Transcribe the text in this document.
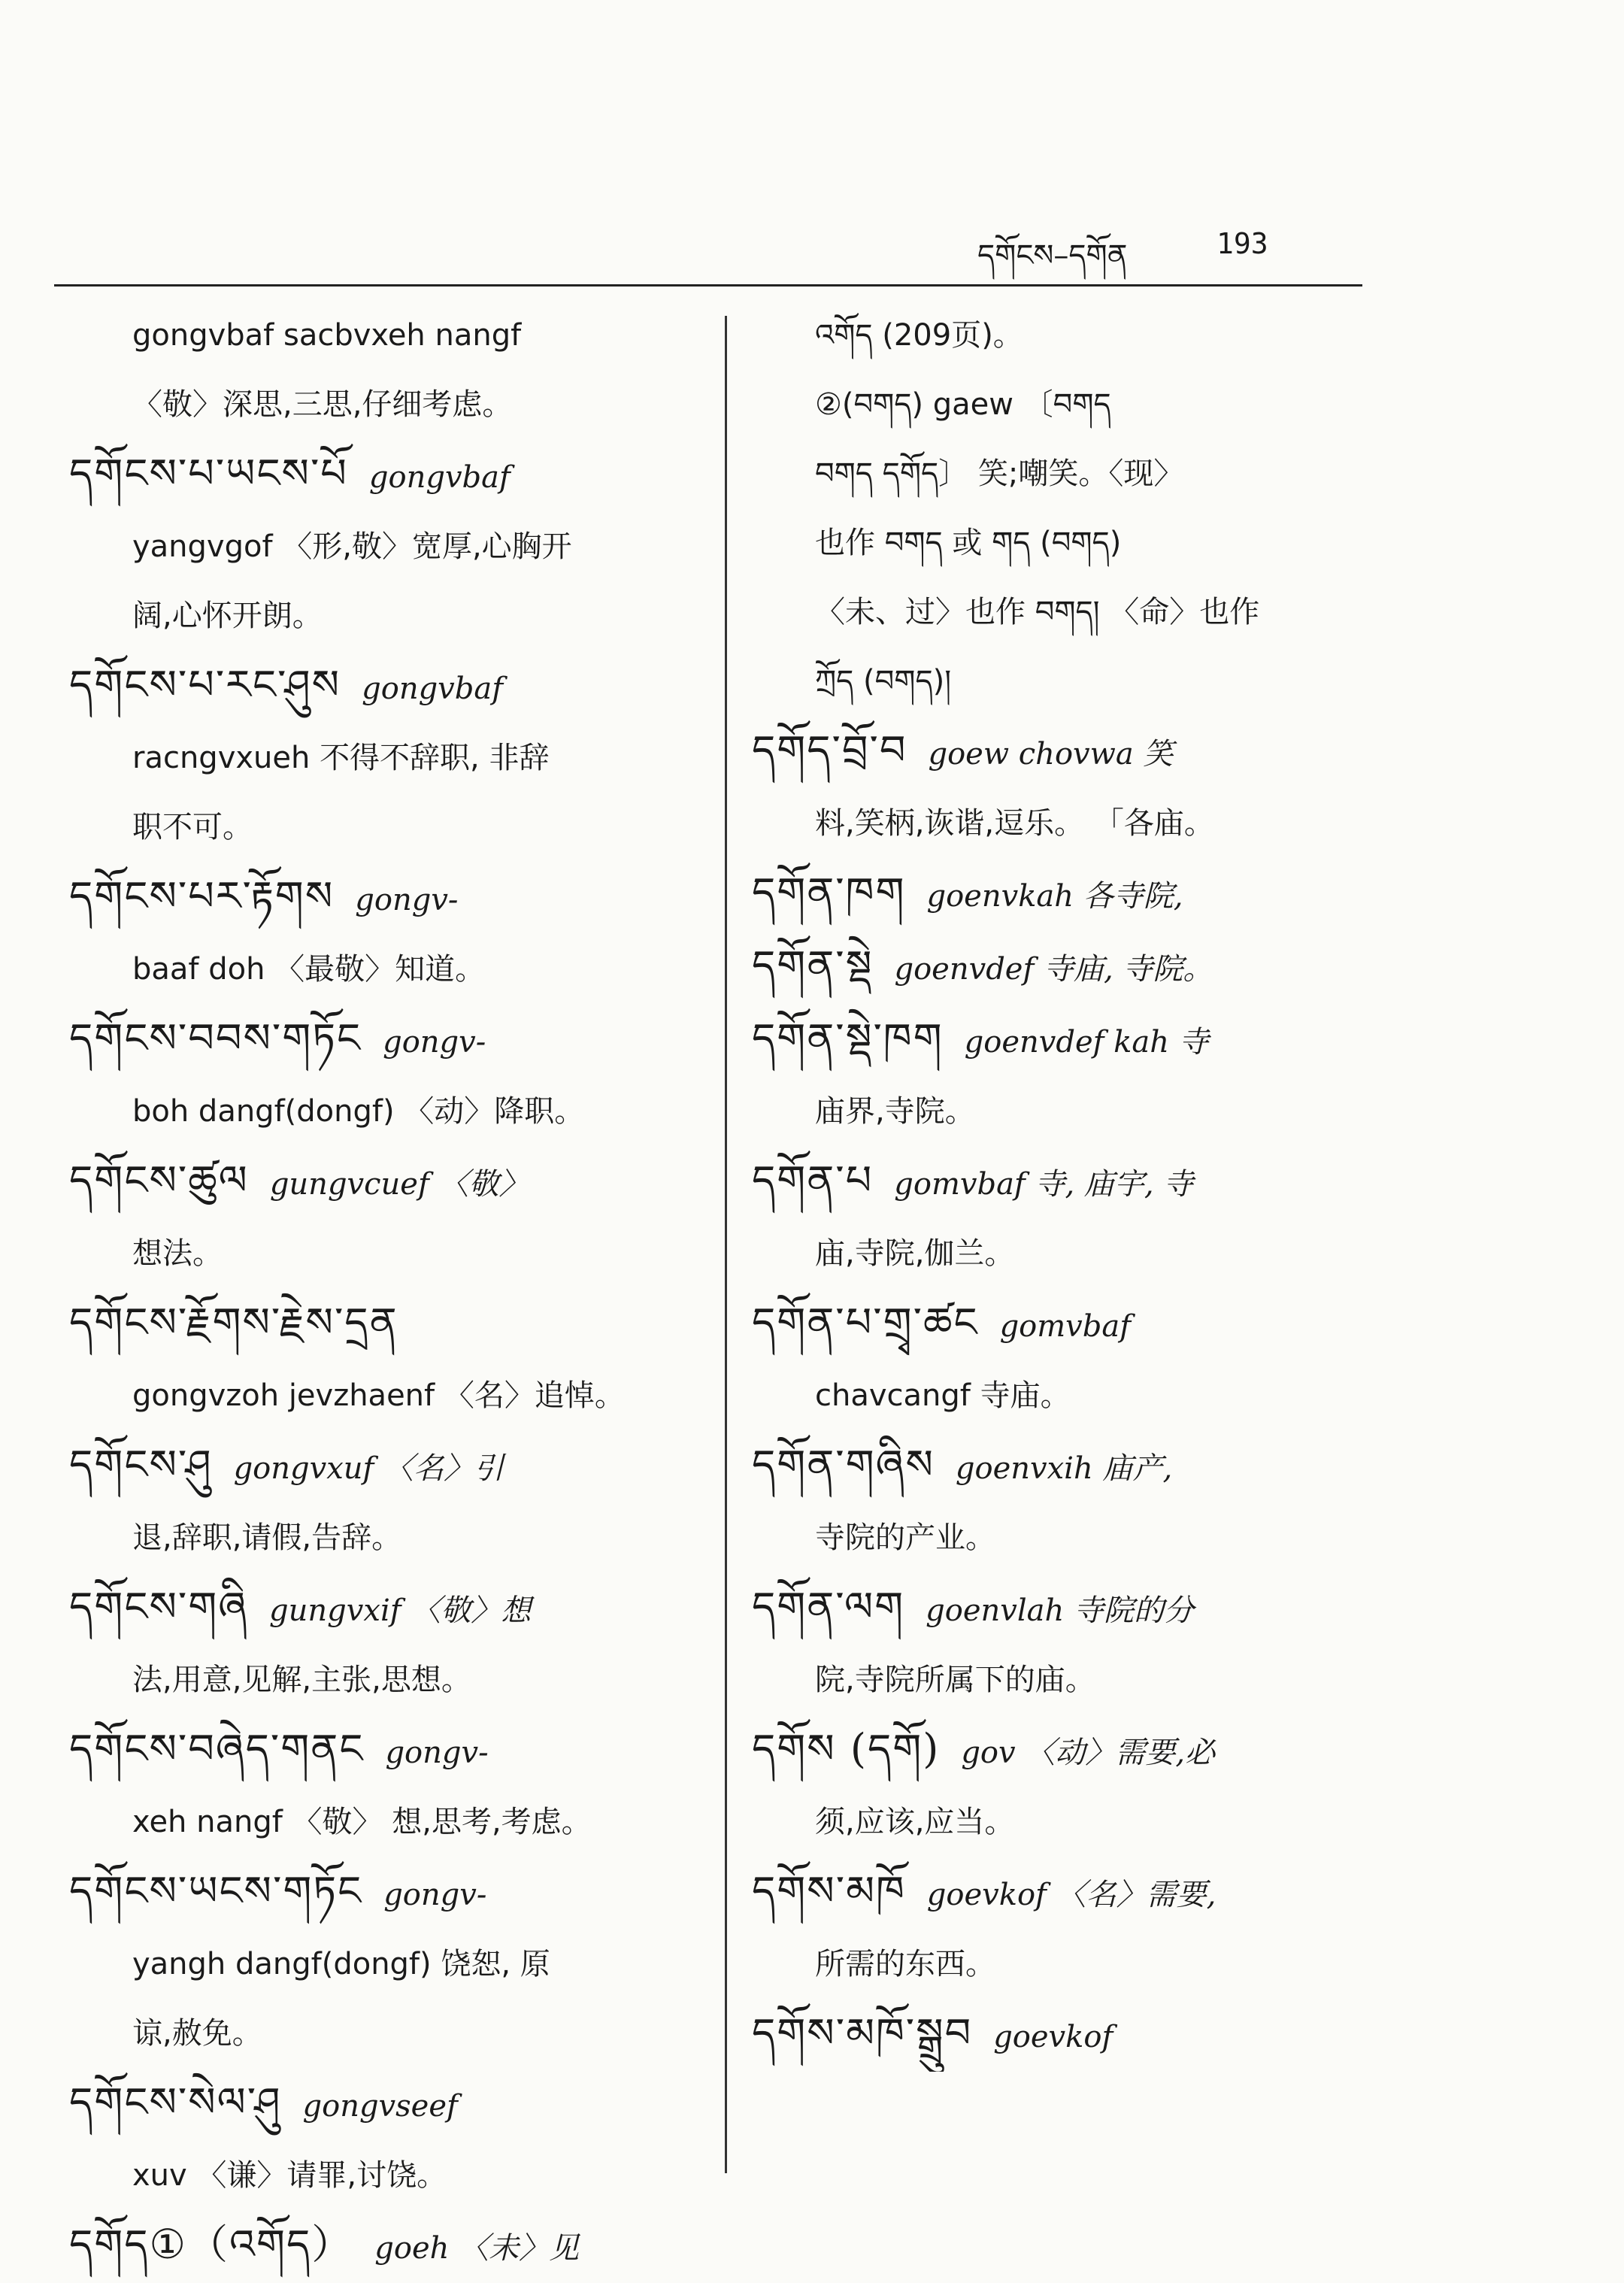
དགོངས–དགོན	193
gongvbaf sacbvxeh nangf
〈敬〉深思,三思,仔细考虑。
དགོངས་པ་ཡངས་པོ gongvbaf
yangvgof 〈形,敬〉宽厚,心胸开
阔,心怀开朗。
དགོངས་པ་རང་ཤུས gongvbaf
racngvxueh 不得不辞职, 非辞
职不可。
དགོངས་པར་རྟོགས gongv-
baaf doh 〈最敬〉知道。
དགོངས་བབས་གཏོང gongv-
boh dangf(dongf) 〈动〉降职。
དགོངས་ཚུལ gungvcuef 〈敬〉
想法。
དགོངས་རྗོགས་རྗེས་དྲན
gongvzoh jevzhaenf 〈名〉追悼。
དགོངས་ཤུ gongvxuf 〈名〉引
退,辞职,请假,告辞。
དགོངས་གཞི gungvxif 〈敬〉想
法,用意,见解,主张,思想。
དགོངས་བཞེད་གནང gongv-
xeh nangf 〈敬〉 想,思考,考虑。
དགོངས་ཡངས་གཏོང gongv-
yangh dangf(dongf) 饶恕, 原
谅,赦免。
དགོངས་སེལ་ཤུ gongvseef
xuv 〈谦〉请罪,讨饶。
དགོད①（འགོད） goeh 〈未〉见
འགོད (209页)。
②(བགད) gaew 〔བགད
བགད དགོད〕 笑;嘲笑。〈现〉
也作 བགད 或 གད (བགད)
〈未、过〉也作 བགད། 〈命〉也作
ཀྲོད (བགད)།
དགོད་བྲོ་བ goew chovwa 笑
料,笑柄,诙谐,逗乐。 「各庙。
དགོན་ཁག goenvkah 各寺院,
དགོན་སྡེ goenvdef 寺庙, 寺院。
དགོན་སྡེ་ཁག goenvdef kah 寺
庙界,寺院。
དགོན་པ gomvbaf 寺, 庙宇, 寺
庙,寺院,伽兰。
དགོན་པ་གྲྭ་ཚང gomvbaf
chavcangf 寺庙。
དགོན་གཞིས goenvxih 庙产,
寺院的产业。
དགོན་ལག goenvlah 寺院的分
院,寺院所属下的庙。
དགོས (དགོ) gov 〈动〉需要,必
须,应该,应当。
དགོས་མཁོ goevkof 〈名〉需要,
所需的东西。
དགོས་མཁོ་སྒྲུབ goevkof
